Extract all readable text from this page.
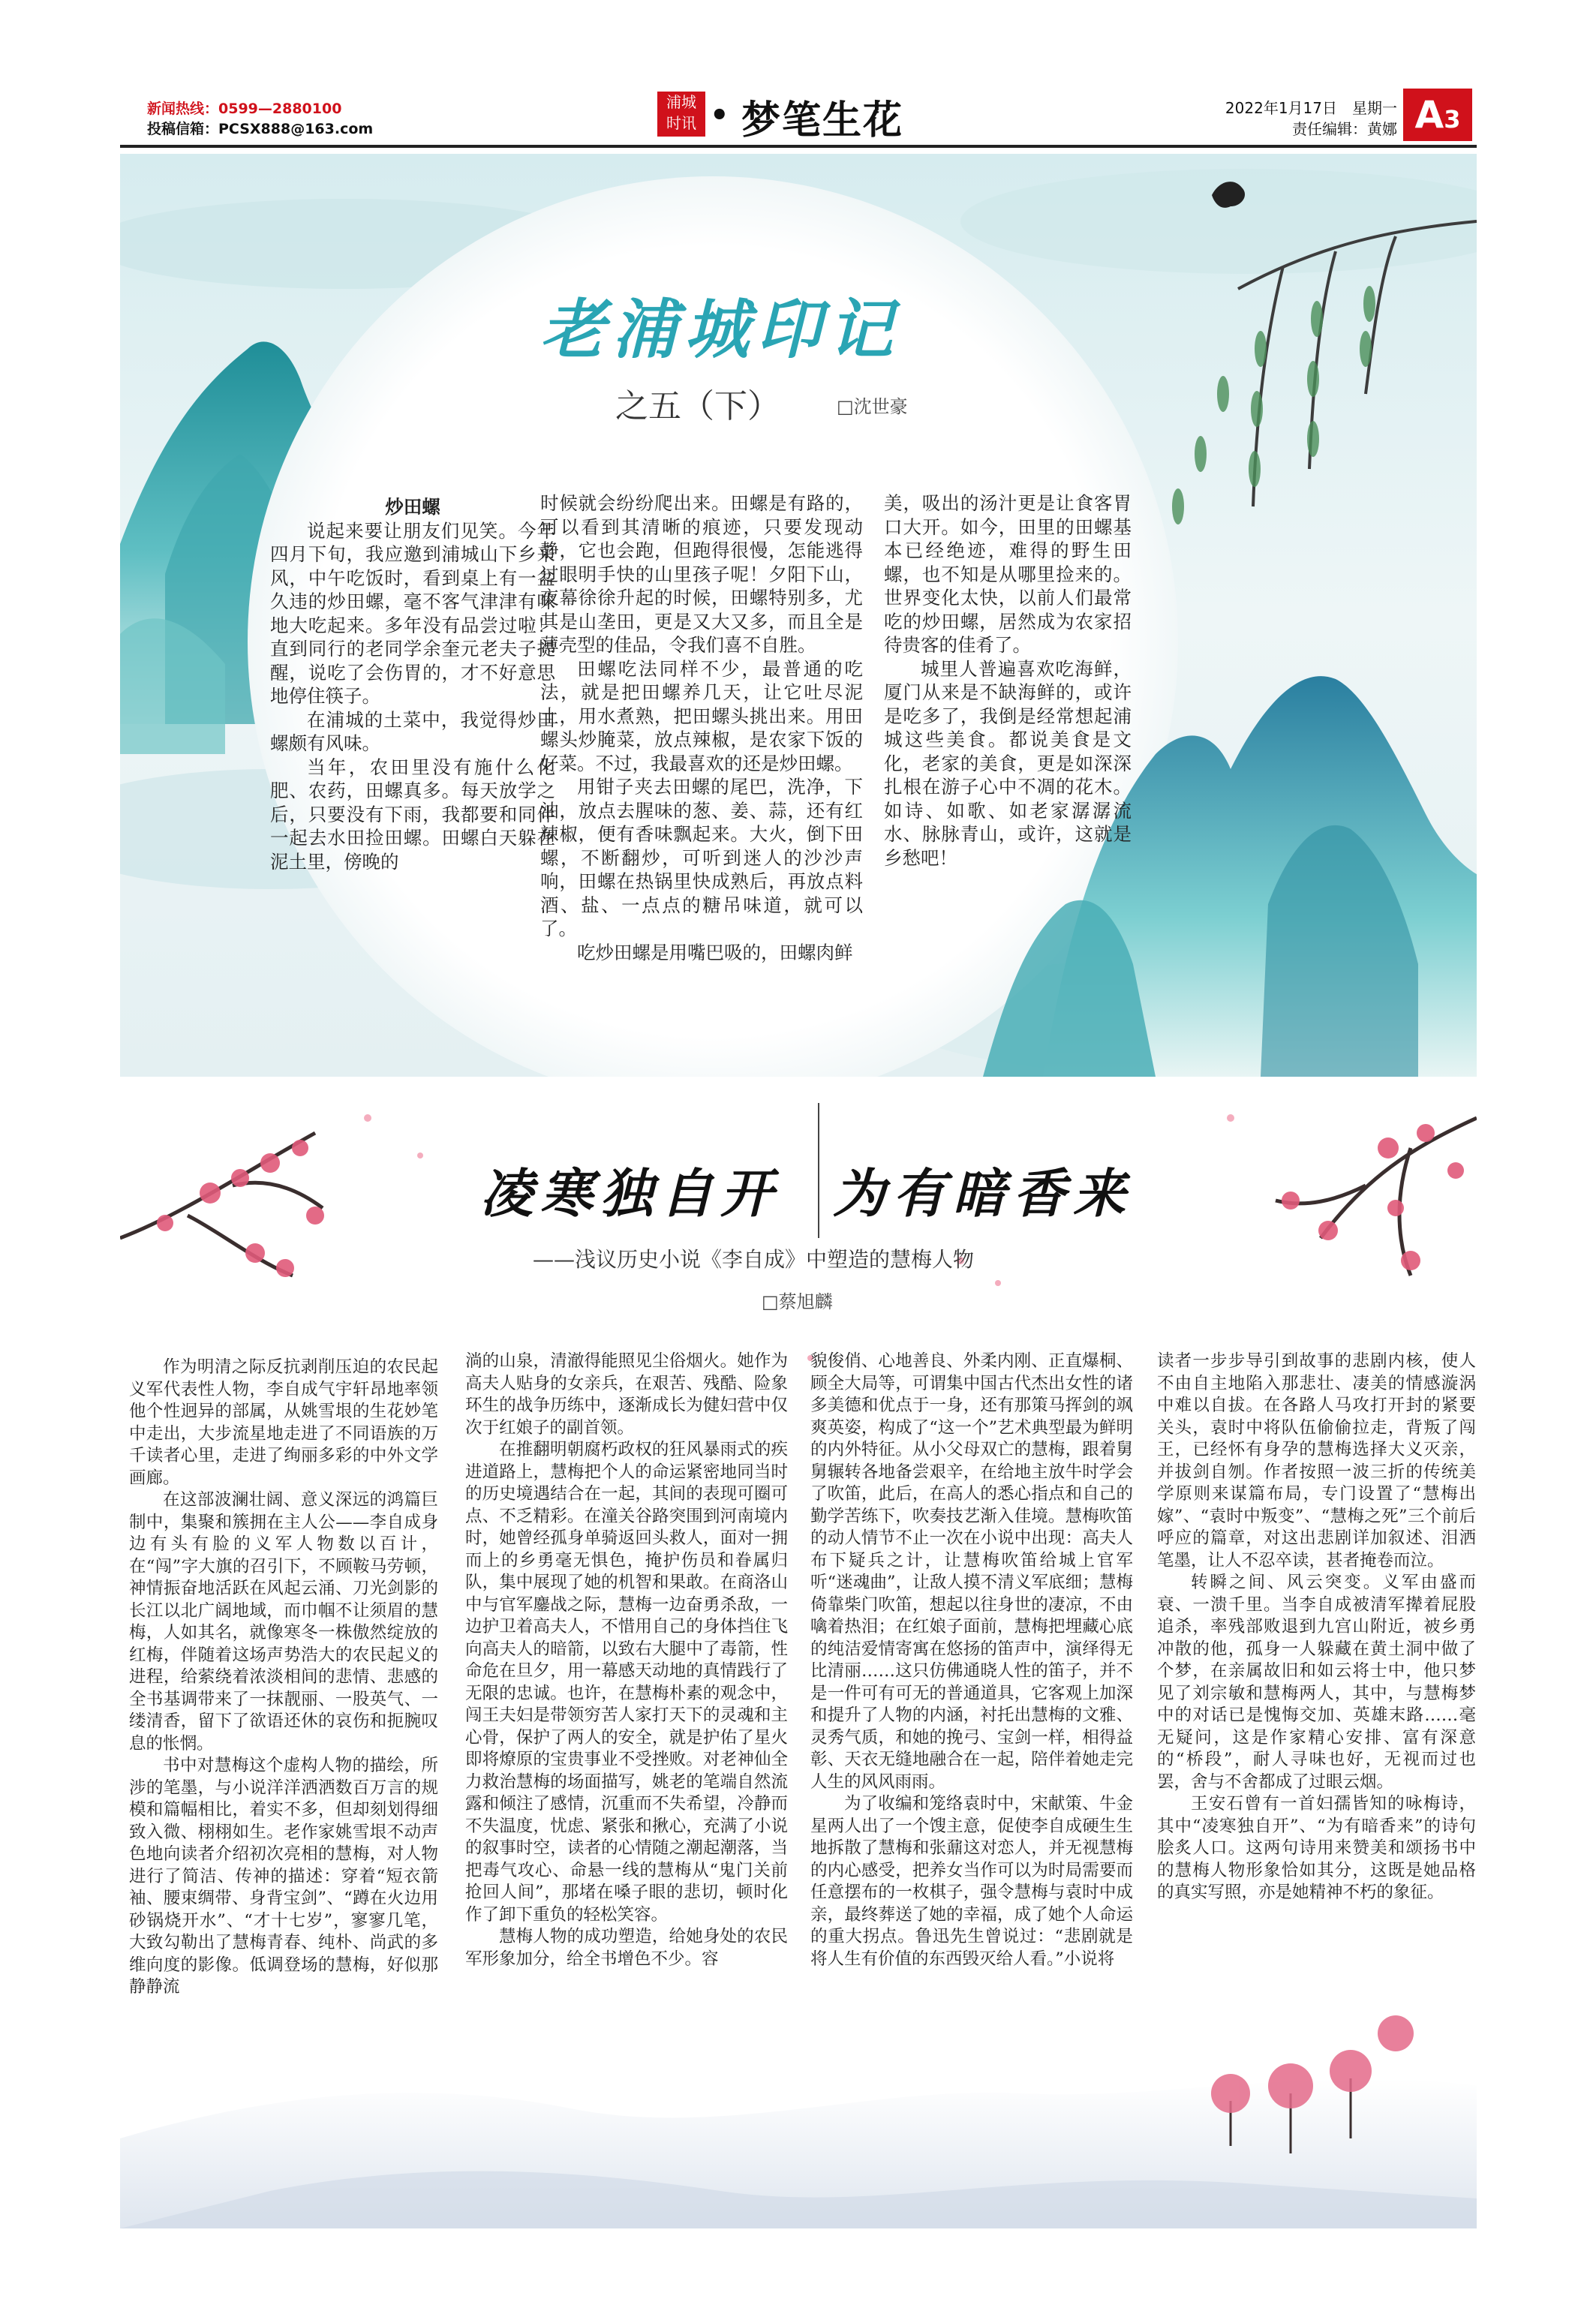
新闻热线：0599—2880100
投稿信箱：PCSX888@163.com
浦城
时讯 • 梦笔生花	2022年1月17日　星期一
责任编辑：黄娜 A3
老浦城印记
之五（下）	□沈世豪
炒田螺

说起来要让朋友们见笑。今年四月下旬，我应邀到浦城山下乡采风，中午吃饭时，看到桌上有一盆久违的炒田螺，毫不客气津津有味地大吃起来。多年没有品尝过啦！直到同行的老同学余奎元老夫子提醒，说吃了会伤胃的，才不好意思地停住筷子。

在浦城的土菜中，我觉得炒田螺颇有风味。

当年，农田里没有施什么化肥、农药，田螺真多。每天放学之后，只要没有下雨，我都要和同伴一起去水田捡田螺。田螺白天躲在泥土里，傍晚的

时候就会纷纷爬出来。田螺是有路的，可以看到其清晰的痕迹，只要发现动静，它也会跑，但跑得很慢，怎能逃得过眼明手快的山里孩子呢！夕阳下山，夜幕徐徐升起的时候，田螺特别多，尤其是山垄田，更是又大又多，而且全是薄壳型的佳品，令我们喜不自胜。

田螺吃法同样不少，最普通的吃法，就是把田螺养几天，让它吐尽泥土，用水煮熟，把田螺头挑出来。用田螺头炒腌菜，放点辣椒，是农家下饭的好菜。不过，我最喜欢的还是炒田螺。

用钳子夹去田螺的尾巴，洗净，下油，放点去腥味的葱、姜、蒜，还有红辣椒，便有香味飘起来。大火，倒下田螺，不断翻炒，可听到迷人的沙沙声响，田螺在热锅里快成熟后，再放点料酒、盐、一点点的糖吊味道，就可以了。

吃炒田螺是用嘴巴吸的，田螺肉鲜

美，吸出的汤汁更是让食客胃口大开。如今，田里的田螺基本已经绝迹，难得的野生田螺，也不知是从哪里捡来的。世界变化太快，以前人们最常吃的炒田螺，居然成为农家招待贵客的佳肴了。

城里人普遍喜欢吃海鲜，厦门从来是不缺海鲜的，或许是吃多了，我倒是经常想起浦城这些美食。都说美食是文化，老家的美食，更是如深深扎根在游子心中不凋的花木。如诗、如歌、如老家潺潺流水、脉脉青山，或许，这就是乡愁吧！

凌寒独自开 为有暗香来
——浅议历史小说《李自成》中塑造的慧梅人物
□蔡旭麟

作为明清之际反抗剥削压迫的农民起义军代表性人物，李自成气宇轩昂地率领他个性迥异的部属，从姚雪垠的生花妙笔中走出，大步流星地走进了不同语族的万千读者心里，走进了绚丽多彩的中外文学画廊。

在这部波澜壮阔、意义深远的鸿篇巨制中，集聚和簇拥在主人公——李自成身边有头有脸的义军人物数以百计，在“闯”字大旗的召引下，不顾鞍马劳顿，神情振奋地活跃在风起云涌、刀光剑影的长江以北广阔地域，而巾帼不让须眉的慧梅，人如其名，就像寒冬一株傲然绽放的红梅，伴随着这场声势浩大的农民起义的进程，给萦绕着浓淡相间的悲情、悲感的全书基调带来了一抹靓丽、一股英气、一缕清香，留下了欲语还休的哀伤和扼腕叹息的怅惘。

书中对慧梅这个虚构人物的描绘，所涉的笔墨，与小说洋洋洒洒数百万言的规模和篇幅相比，着实不多，但却刻划得细致入微、栩栩如生。老作家姚雪垠不动声色地向读者介绍初次亮相的慧梅，对人物进行了简洁、传神的描述：穿着“短衣箭袖、腰束绸带、身背宝剑”、“蹲在火边用砂锅烧开水”、“才十七岁”，寥寥几笔，大致勾勒出了慧梅青春、纯朴、尚武的多维向度的影像。低调登场的慧梅，好似那静静流

淌的山泉，清澈得能照见尘俗烟火。她作为高夫人贴身的女亲兵，在艰苦、残酷、险象环生的战争历练中，逐渐成长为健妇营中仅次于红娘子的副首领。

在推翻明朝腐朽政权的狂风暴雨式的疾进道路上，慧梅把个人的命运紧密地同当时的历史境遇结合在一起，其间的表现可圈可点、不乏精彩。在潼关谷路突围到河南境内时，她曾经孤身单骑返回头救人，面对一拥而上的乡勇毫无惧色，掩护伤员和眷属归队，集中展现了她的机智和果敢。在商洛山中与官军鏖战之际，慧梅一边奋勇杀敌，一边护卫着高夫人，不惜用自己的身体挡住飞向高夫人的暗箭，以致右大腿中了毒箭，性命危在旦夕，用一幕感天动地的真情践行了无限的忠诚。也许，在慧梅朴素的观念中，闯王夫妇是带领穷苦人家打天下的灵魂和主心骨，保护了两人的安全，就是护佑了星火即将燎原的宝贵事业不受挫败。对老神仙全力救治慧梅的场面描写，姚老的笔端自然流露和倾注了感情，沉重而不失希望，冷静而不失温度，忧虑、紧张和揪心，充满了小说的叙事时空，读者的心情随之潮起潮落，当把毒气攻心、命悬一线的慧梅从“鬼门关前抢回人间”，那堵在嗓子眼的悲切，顿时化作了卸下重负的轻松笑容。

慧梅人物的成功塑造，给她身处的农民军形象加分，给全书增色不少。容

貌俊俏、心地善良、外柔内刚、正直爆桐、顾全大局等，可谓集中国古代杰出女性的诸多美德和优点于一身，还有那策马挥剑的飒爽英姿，构成了“这一个”艺术典型最为鲜明的内外特征。从小父母双亡的慧梅，跟着舅舅辗转各地备尝艰辛，在给地主放牛时学会了吹笛，此后，在高人的悉心指点和自己的勤学苦练下，吹奏技艺渐入佳境。慧梅吹笛的动人情节不止一次在小说中出现：高夫人布下疑兵之计，让慧梅吹笛给城上官军听“迷魂曲”，让敌人摸不清义军底细；慧梅倚靠柴门吹笛，想起以往身世的凄凉，不由噙着热泪；在红娘子面前，慧梅把埋藏心底的纯洁爱情寄寓在悠扬的笛声中，演绎得无比清丽……这只仿佛通晓人性的笛子，并不是一件可有可无的普通道具，它客观上加深和提升了人物的内涵，衬托出慧梅的文雅、灵秀气质，和她的挽弓、宝剑一样，相得益彰、天衣无缝地融合在一起，陪伴着她走完人生的风风雨雨。

为了收编和笼络袁时中，宋献策、牛金星两人出了一个馊主意，促使李自成硬生生地拆散了慧梅和张鼐这对恋人，并无视慧梅的内心感受，把养女当作可以为时局需要而任意摆布的一枚棋子，强令慧梅与袁时中成亲，最终葬送了她的幸福，成了她个人命运的重大拐点。鲁迅先生曾说过：“悲剧就是将人生有价值的东西毁灭给人看。”小说将

读者一步步导引到故事的悲剧内核，使人不由自主地陷入那悲壮、凄美的情感漩涡中难以自拔。在各路人马攻打开封的紧要关头，袁时中将队伍偷偷拉走，背叛了闯王，已经怀有身孕的慧梅选择大义灭亲，并拔剑自刎。作者按照一波三折的传统美学原则来谋篇布局，专门设置了“慧梅出嫁”、“袁时中叛变”、“慧梅之死”三个前后呼应的篇章，对这出悲剧详加叙述、泪洒笔墨，让人不忍卒读，甚者掩卷而泣。

转瞬之间、风云突变。义军由盛而衰、一溃千里。当李自成被清军撵着屁股追杀，率残部败退到九宫山附近，被乡勇冲散的他，孤身一人躲藏在黄土洞中做了个梦，在亲属故旧和如云将士中，他只梦见了刘宗敏和慧梅两人，其中，与慧梅梦中的对话已是愧悔交加、英雄末路……毫无疑问，这是作家精心安排、富有深意的“桥段”，耐人寻味也好，无视而过也罢，舍与不舍都成了过眼云烟。

王安石曾有一首妇孺皆知的咏梅诗，其中“凌寒独自开”、“为有暗香来”的诗句脍炙人口。这两句诗用来赞美和颂扬书中的慧梅人物形象恰如其分，这既是她品格的真实写照，亦是她精神不朽的象征。
